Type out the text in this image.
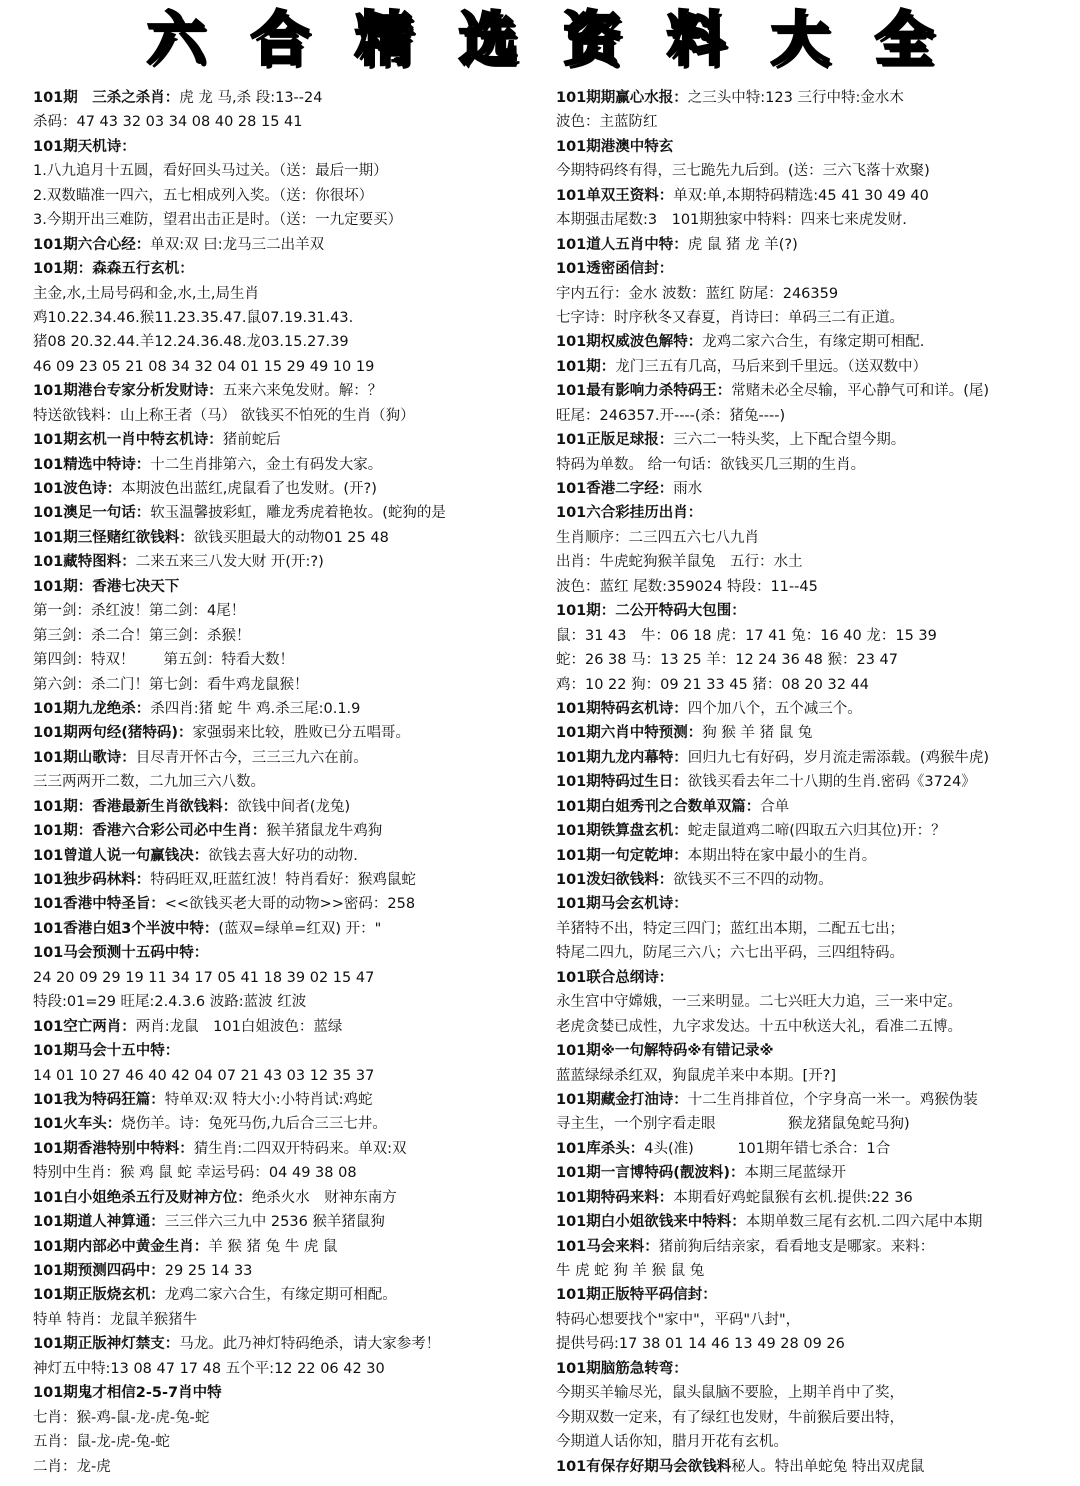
六 合 精 选 资 料 大 全
101期　三杀之杀肖：虎 龙 马,杀 段:13--24
杀码：47 43 32 03 34 08 40 28 15 41
101期天机诗：
1.八九追月十五圆，看好回头马过关。（送：最后一期）
2.双数瞄准一四六，五七相成列入奖。（送：你很坏）
3.今期开出三难防，望君出击正是时。（送：一九定要买）
101期六合心经：单双:双 曰:龙马三二出羊双
101期：森森五行玄机：
主金,水,土局号码和金,水,土,局生肖
鸡10.22.34.46.猴11.23.35.47.鼠07.19.31.43.
猪08 20.32.44.羊12.24.36.48.龙03.15.27.39
46 09 23 05 21 08 34 32 04 01 15 29 49 10 19
101期港台专家分析发财诗：五来六来兔发财。解：？
特送欲钱料：山上称王者（马） 欲钱买不怕死的生肖（狗）
101期玄机一肖中特玄机诗：猪前蛇后
101精选中特诗：十二生肖排第六，金土有码发大家。
101波色诗：本期波色出蓝红,虎鼠看了也发财。(开?)
101澳足一句话：软玉温馨披彩虹，雕龙秀虎着艳妆。(蛇狗的是
101期三怪赌红欲钱料：欲钱买胆最大的动物01 25 48
101藏特图料：二来五来三八发大财 开(开:?)
101期：香港七决天下
第一剑：杀红波！第二剑：4尾！
第三剑：杀二合！第三剑：杀猴！
第四剑：特双！　　第五剑：特看大数！
第六剑：杀二门！第七剑：看牛鸡龙鼠猴！
101期九龙绝杀：杀四肖:猪 蛇 牛 鸡.杀三尾:0.1.9
101期两句经(猪特码)：家强弱来比较，胜败已分五唱哥。
101期山歌诗：目尽青开怀古今，三三三九六在前。
三三两两开二数，二九加三六八数。
101期：香港最新生肖欲钱料：欲钱中间者(龙兔)
101期：香港六合彩公司必中生肖：猴羊猪鼠龙牛鸡狗
101曾道人说一句赢钱决：欲钱去喜大好功的动物.
101独步码林料：特码旺双,旺蓝红波！特肖看好：猴鸡鼠蛇
101香港中特圣旨：<<欲钱买老大哥的动物>>密码：258
101香港白姐3个半波中特：(蓝双=绿单=红双) 开："
101马会预测十五码中特：
24 20 09 29 19 11 34 17 05 41 18 39 02 15 47
特段:01=29 旺尾:2.4.3.6 波路:蓝波 红波
101空亡两肖：两肖:龙鼠　101白姐波色：蓝绿
101期马会十五中特：
14 01 10 27 46 40 42 04 07 21 43 03 12 35 37
101我为特码狂篇：特单双:双 特大小:小特肖试:鸡蛇
101火车头：烧伤羊。诗：兔死马伤,九后合三三七井。
101期香港特别中特料：猜生肖:二四双开特码来。单双:双
特别中生肖：猴 鸡 鼠 蛇 幸运号码：04 49 38 08
101白小姐绝杀五行及财神方位：绝杀火水　财神东南方
101期道人神算通：三三伴六三九中 2536 猴羊猪鼠狗
101期内部必中黄金生肖：羊 猴 猪 兔 牛 虎 鼠
101期预测四码中：29 25 14 33
101期正版烧玄机：龙鸡二家六合生，有缘定期可相配。
特单 特肖：龙鼠羊猴猪牛
101期正版神灯禁支：马龙。此乃神灯特码绝杀，请大家参考！
神灯五中特:13 08 47 17 48 五个平:12 22 06 42 30
101期鬼才相信2-5-7肖中特
七肖：猴-鸡-鼠-龙-虎-兔-蛇
五肖：鼠-龙-虎-兔-蛇
二肖：龙-虎
101期期赢心水报：之三头中特:123 三行中特:金水木
波色：主蓝防红
101期港澳中特玄
今期特码终有得，三七跪先九后到。(送：三六飞落十欢聚)
101单双王资料：单双:单,本期特码精选:45 41 30 49 40
本期强击尾数:3　101期独家中特料：四来七来虎发财.
101道人五肖中特：虎 鼠 猪 龙 羊(?)
101透密函信封：
宇内五行：金水 波数：蓝红 防尾：246359
七字诗：时序秋冬又春夏，肖诗曰：单码三二有正道。
101期权威波色解特：龙鸡二家六合生，有缘定期可相配.
101期：龙门三五有几高，马后来到千里远。（送双数中）
101最有影响力杀特码王：常赌未必全尽输，平心静气可和详。(尾)
旺尾：246357.开----(杀：猪兔----)
101正版足球报：三六二一特头奖，上下配合望今期。
特码为单数。 给一句话：欲钱买几三期的生肖。
101香港二字经：雨水
101六合彩挂历出肖：
生肖顺序：二三四五六七八九肖
出肖：牛虎蛇狗猴羊鼠兔　五行：水土
波色：蓝红 尾数:359024 特段：11--45
101期：二公开特码大包围：
鼠：31 43　牛：06 18 虎：17 41 兔：16 40 龙：15 39
蛇：26 38 马：13 25 羊：12 24 36 48 猴：23 47
鸡：10 22 狗：09 21 33 45 猪：08 20 32 44
101期特码玄机诗：四个加八个，五个减三个。
101期六肖中特预测：狗 猴 羊 猪 鼠 兔
101期九龙内幕特：回归九七有好码，岁月流走需添载。(鸡猴牛虎)
101期特码过生日：欲钱买看去年二十八期的生肖.密码《3724》
101期白姐秀刊之合数单双篇：合单
101期铁算盘玄机：蛇走鼠道鸡二啼(四取五六归其位)开：？
101期一句定乾坤：本期出特在家中最小的生肖。
101泼妇欲钱料：欲钱买不三不四的动物。
101期马会玄机诗：
羊猪特不出，特定三四门；蓝红出本期，二配五七出；
特尾二四九，防尾三六八；六七出平码，三四组特码。
101联合总纲诗：
永生宫中守嫦娥，一三来明显。二七兴旺大力追，三一来中定。
老虎贪婪已成性，九字求发达。十五中秋送大礼，看准二五博。
101期※一句解特码※有错记录※
蓝蓝绿绿杀红双，狗鼠虎羊来中本期。[开?]
101期藏金打油诗：十二生肖排首位，个字身高一米一。鸡猴伪装
寻主生，一个别字看走眼　　　　　猴龙猪鼠兔蛇马狗)
101库杀头：4头(准)　　　101期年错七杀合：1合
101期一言博特码(靓波料)：本期三尾蓝绿开
101期特码来料：本期看好鸡蛇鼠猴有玄机.提供:22 36
101期白小姐欲钱来中特料：本期单数三尾有玄机.二四六尾中本期
101马会来料：猪前狗后结亲家，看看地支是哪家。来料：
牛 虎 蛇 狗 羊 猴 鼠 兔
101期正版特平码信封：
特码心想要找个"家中"，平码"八封"，
提供号码:17 38 01 14 46 13 49 28 09 26
101期脑筋急转弯：
今期买羊输尽光，鼠头鼠脑不要脸，上期羊肖中了奖，
今期双数一定来，有了绿红也发财，牛前猴后要出特，
今期道人话你知，腊月开花有玄机。
101有保存好期马会欲钱料秘人。特出单蛇兔 特出双虎鼠
